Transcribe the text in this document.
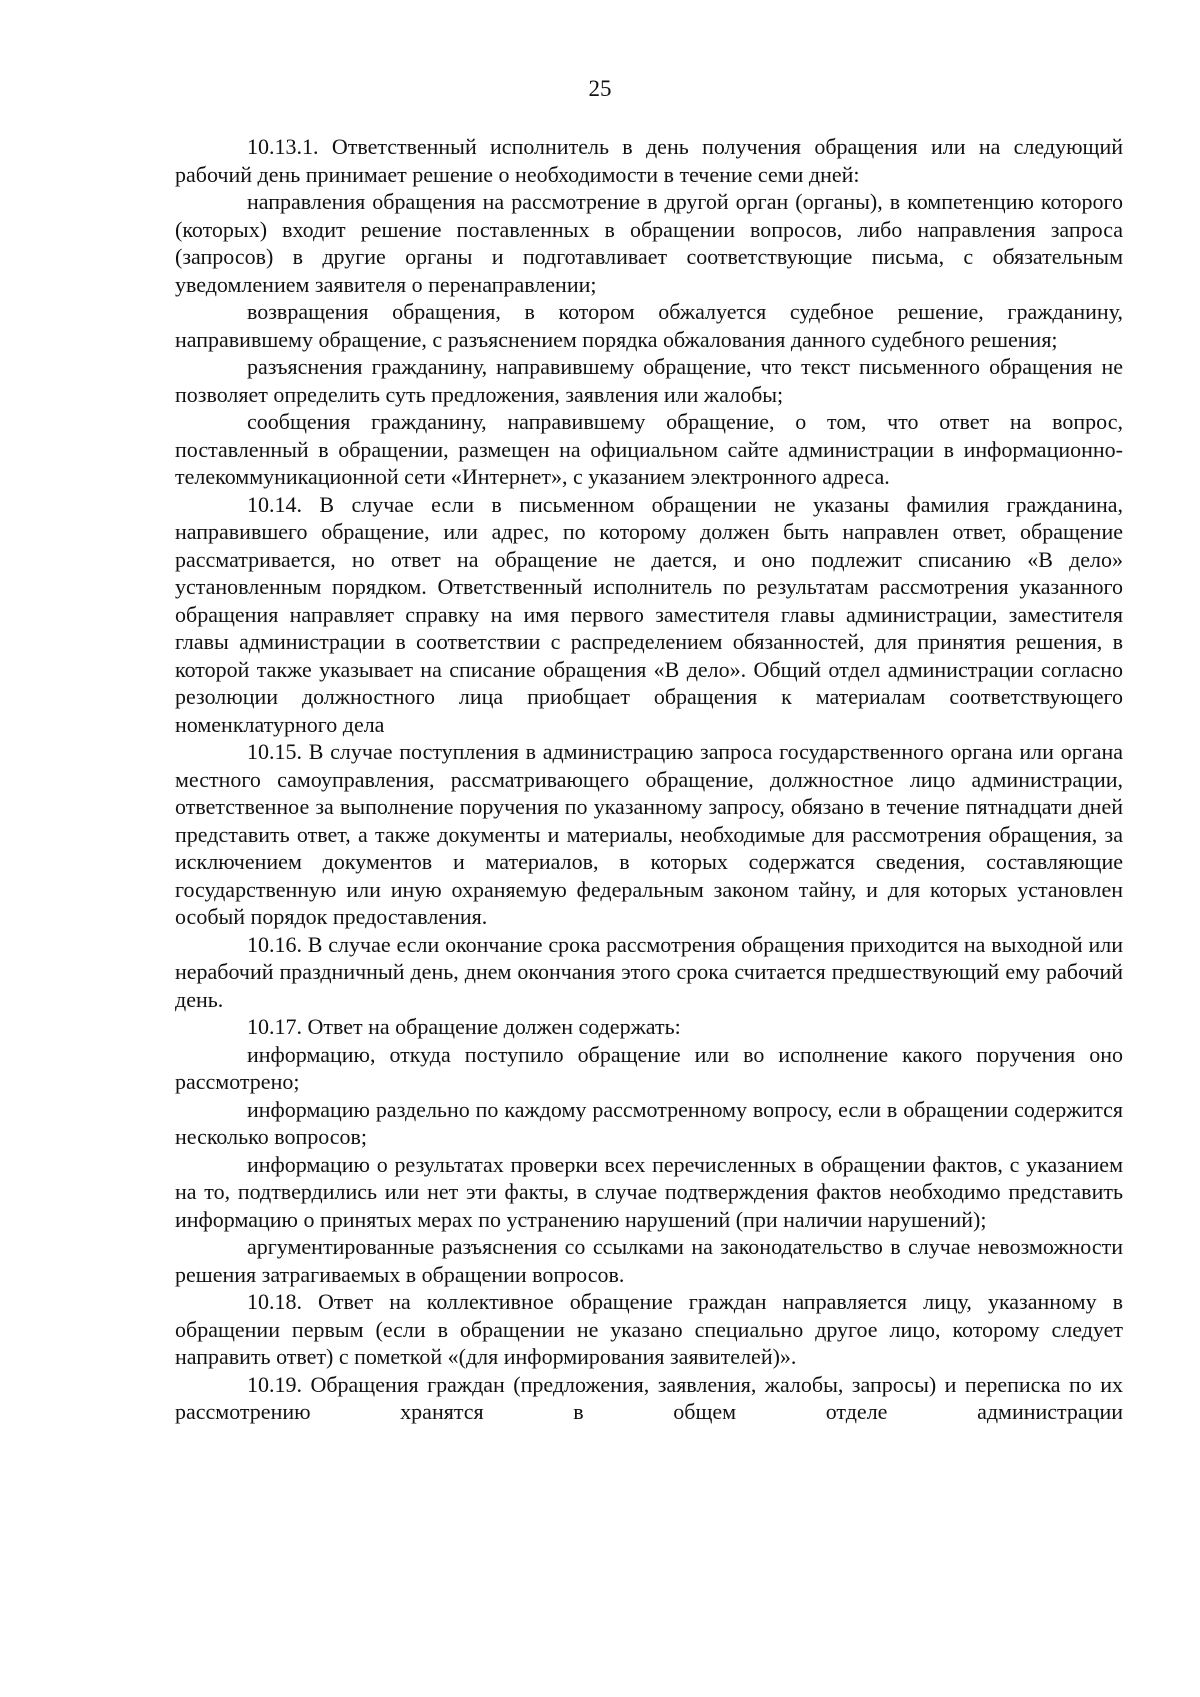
25

10.13.1. Ответственный исполнитель в день получения обращения или на следующий рабочий день принимает решение о необходимости в течение семи дней:

направления обращения на рассмотрение в другой орган (органы), в компетенцию которого (которых) входит решение поставленных в обращении вопросов, либо направления запроса (запросов) в другие органы и подготавливает соответствующие письма, с обязательным уведомлением заявителя о перенаправлении;

возвращения обращения, в котором обжалуется судебное решение, гражданину, направившему обращение, с разъяснением порядка обжалования данного судебного решения;

разъяснения гражданину, направившему обращение, что текст письменного обращения не позволяет определить суть предложения, заявления или жалобы;

сообщения гражданину, направившему обращение, о том, что ответ на вопрос, поставленный в обращении, размещен на официальном сайте администрации в информационно-телекоммуникационной сети «Интернет», с указанием электронного адреса.

10.14. В случае если в письменном обращении не указаны фамилия гражданина, направившего обращение, или адрес, по которому должен быть направлен ответ, обращение рассматривается, но ответ на обращение не дается, и оно подлежит списанию «В дело» установленным порядком. Ответственный исполнитель по результатам рассмотрения указанного обращения направляет справку на имя первого заместителя главы администрации, заместителя главы администрации в соответствии с распределением обязанностей, для принятия решения, в которой также указывает на списание обращения «В дело». Общий отдел администрации согласно резолюции должностного лица приобщает обращения к материалам соответствующего номенклатурного дела

10.15. В случае поступления в администрацию запроса государственного органа или органа местного самоуправления, рассматривающего обращение, должностное лицо администрации, ответственное за выполнение поручения по указанному запросу, обязано в течение пятнадцати дней представить ответ, а также документы и материалы, необходимые для рассмотрения обращения, за исключением документов и материалов, в которых содержатся сведения, составляющие государственную или иную охраняемую федеральным законом тайну, и для которых установлен особый порядок предоставления.

10.16. В случае если окончание срока рассмотрения обращения приходится на выходной или нерабочий праздничный день, днем окончания этого срока считается предшествующий ему рабочий день.

10.17. Ответ на обращение должен содержать:

информацию, откуда поступило обращение или во исполнение какого поручения оно рассмотрено;

информацию раздельно по каждому рассмотренному вопросу, если в обращении содержится несколько вопросов;

информацию о результатах проверки всех перечисленных в обращении фактов, с указанием на то, подтвердились или нет эти факты, в случае подтверждения фактов необходимо представить информацию о принятых мерах по устранению нарушений (при наличии нарушений);

аргументированные разъяснения со ссылками на законодательство в случае невозможности решения затрагиваемых в обращении вопросов.

10.18. Ответ на коллективное обращение граждан направляется лицу, указанному в обращении первым (если в обращении не указано специально другое лицо, которому следует направить ответ) с пометкой «(для информирования заявителей)».

10.19. Обращения граждан (предложения, заявления, жалобы, запросы) и переписка по их рассмотрению хранятся в общем отделе администрации
